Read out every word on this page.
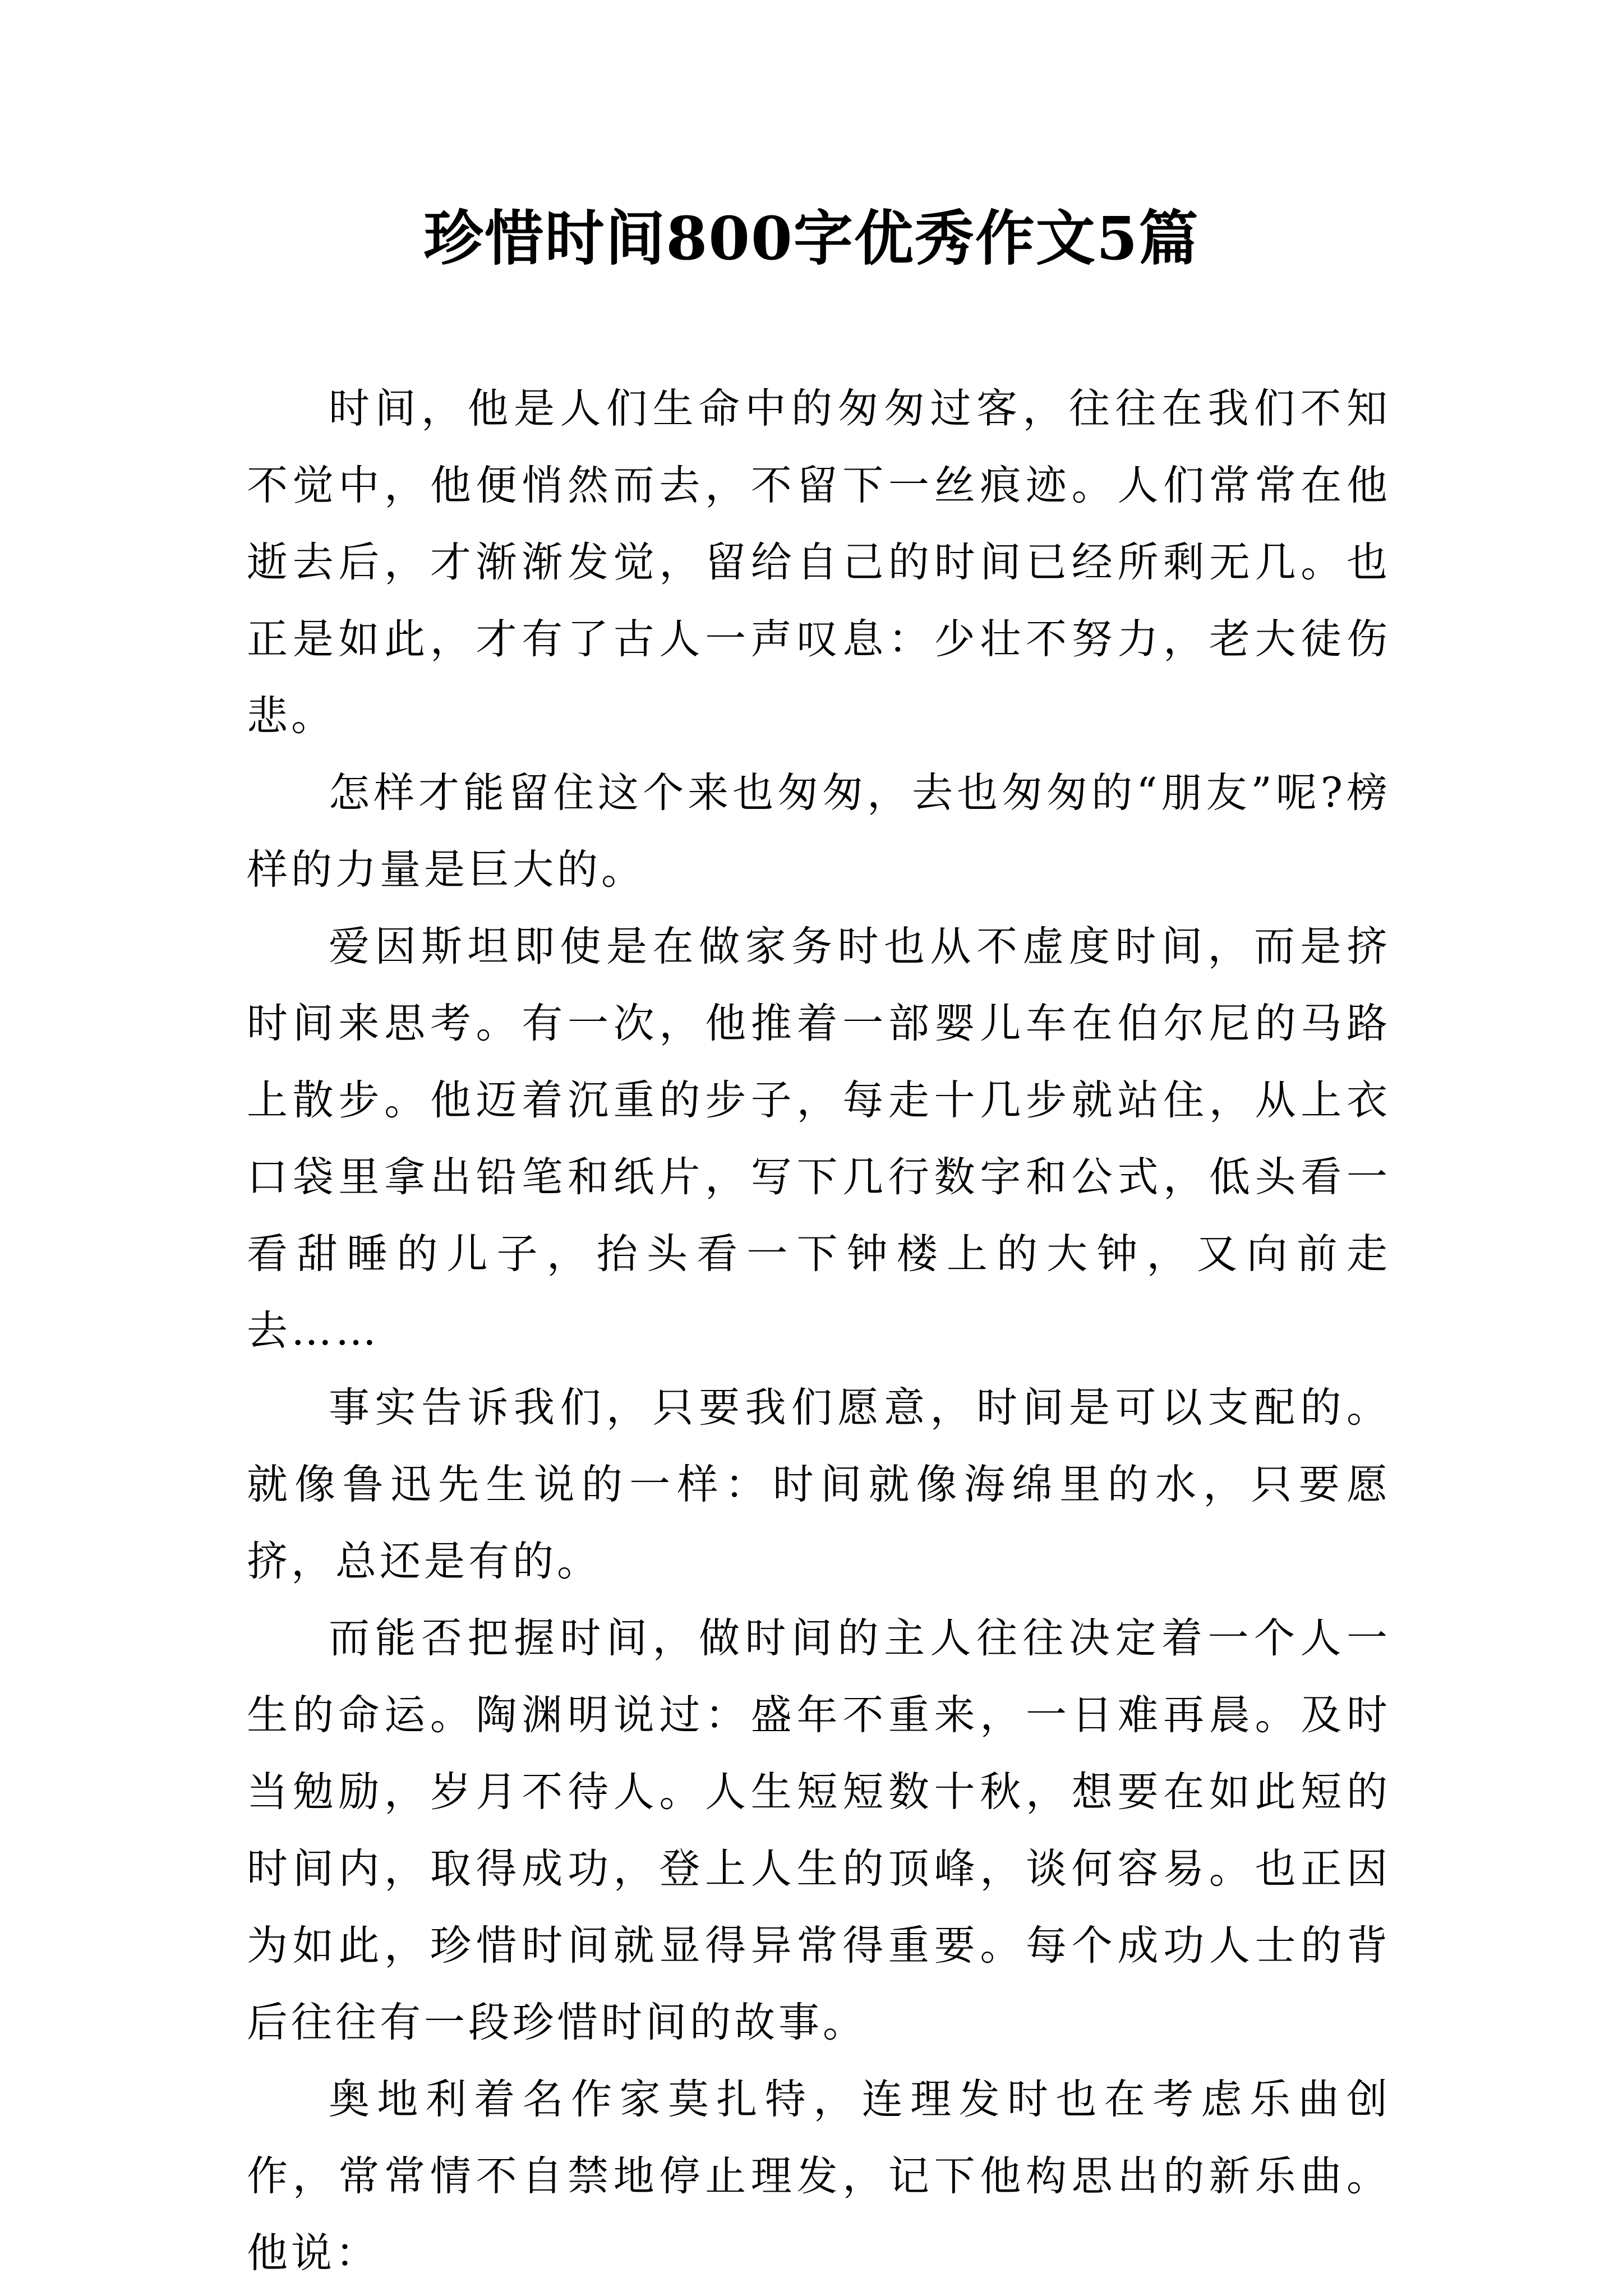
珍惜时间800字优秀作文5篇

时间，他是人们生命中的匆匆过客，往往在我们不知不觉中，他便悄然而去，不留下一丝痕迹。人们常常在他逝去后，才渐渐发觉，留给自己的时间已经所剩无几。也正是如此，才有了古人一声叹息：少壮不努力，老大徒伤悲。

怎样才能留住这个来也匆匆，去也匆匆的“朋友”呢?榜样的力量是巨大的。

爱因斯坦即使是在做家务时也从不虚度时间，而是挤时间来思考。有一次，他推着一部婴儿车在伯尔尼的马路上散步。他迈着沉重的步子，每走十几步就站住，从上衣口袋里拿出铅笔和纸片，写下几行数字和公式，低头看一看甜睡的儿子，抬头看一下钟楼上的大钟，又向前走去……

事实告诉我们，只要我们愿意，时间是可以支配的。就像鲁迅先生说的一样：时间就像海绵里的水，只要愿挤，总还是有的。

而能否把握时间，做时间的主人往往决定着一个人一生的命运。陶渊明说过：盛年不重来，一日难再晨。及时当勉励，岁月不待人。人生短短数十秋，想要在如此短的时间内，取得成功，登上人生的顶峰，谈何容易。也正因为如此，珍惜时间就显得异常得重要。每个成功人士的背后往往有一段珍惜时间的故事。

奥地利着名作家莫扎特，连理发时也在考虑乐曲创作，常常情不自禁地停止理发，记下他构思出的新乐曲。他说：
